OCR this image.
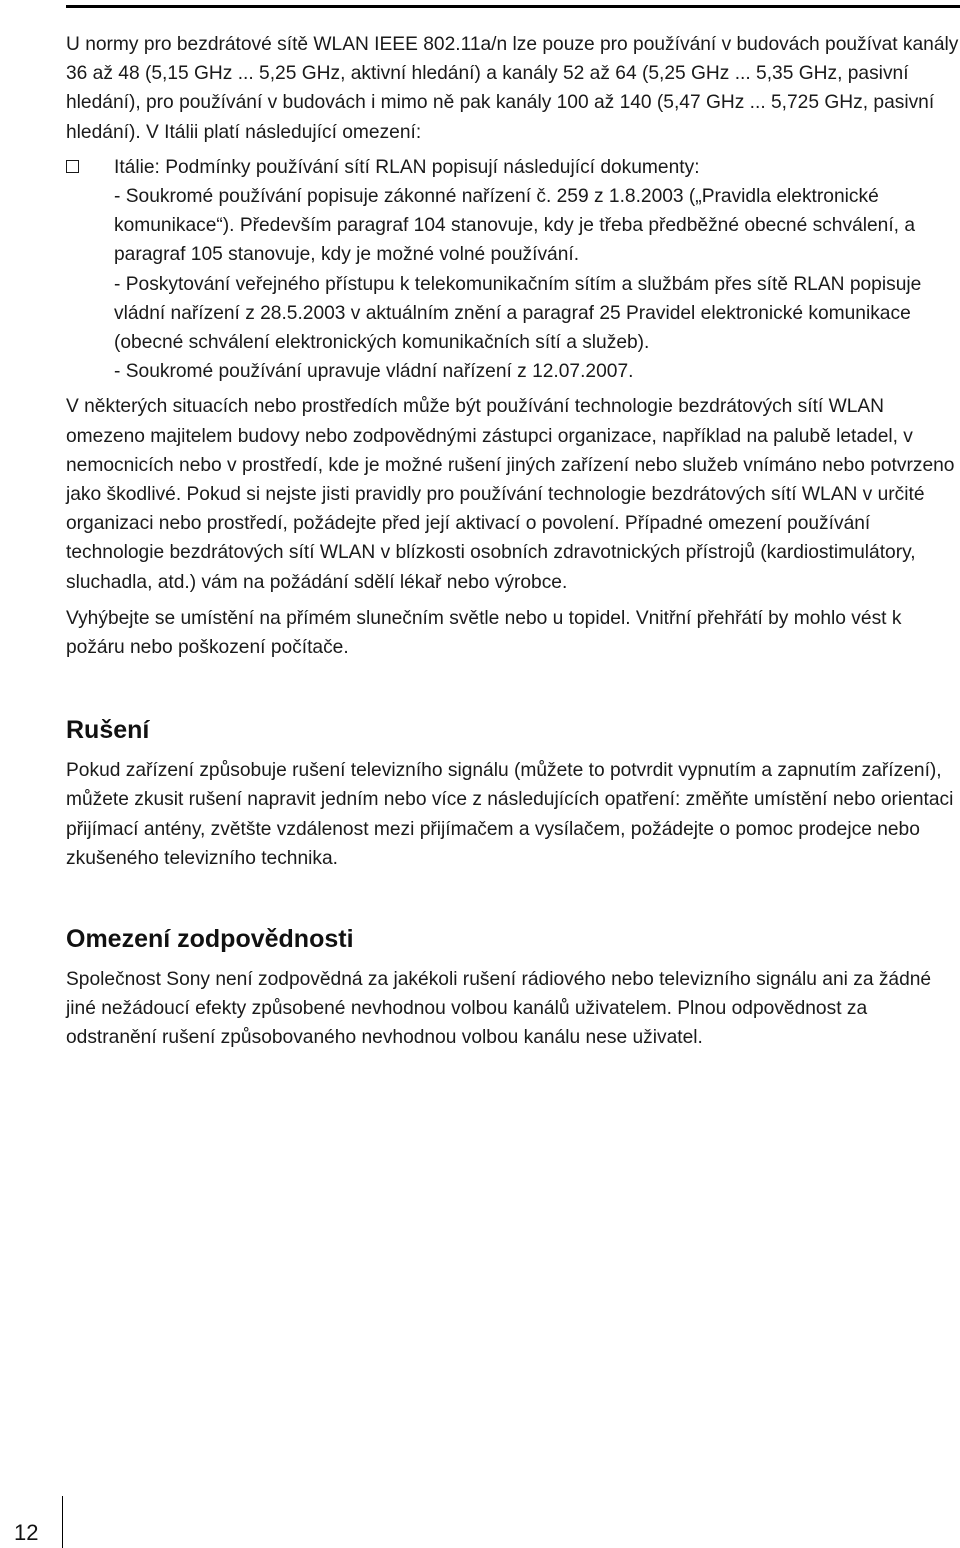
U normy pro bezdrátové sítě WLAN IEEE 802.11a/n lze pouze pro používání v budovách používat kanály 36 až 48 (5,15 GHz ... 5,25 GHz, aktivní hledání) a kanály 52 až 64 (5,25 GHz ... 5,35 GHz, pasivní hledání), pro používání v budovách i mimo ně pak kanály 100 až 140 (5,47 GHz ... 5,725 GHz, pasivní hledání). V Itálii platí následující omezení:

Itálie: Podmínky používání sítí RLAN popisují následující dokumenty:

- Soukromé používání popisuje zákonné nařízení č. 259 z 1.8.2003 („Pravidla elektronické komunikace“). Především paragraf 104 stanovuje, kdy je třeba předběžné obecné schválení, a paragraf 105 stanovuje, kdy je možné volné používání.

- Poskytování veřejného přístupu k telekomunikačním sítím a službám přes sítě RLAN popisuje vládní nařízení z 28.5.2003 v aktuálním znění a paragraf 25 Pravidel elektronické komunikace (obecné schválení elektronických komunikačních sítí a služeb).

- Soukromé používání upravuje vládní nařízení z 12.07.2007.

V některých situacích nebo prostředích může být používání technologie bezdrátových sítí WLAN omezeno majitelem budovy nebo zodpovědnými zástupci organizace, například na palubě letadel, v nemocnicích nebo v prostředí, kde je možné rušení jiných zařízení nebo služeb vnímáno nebo potvrzeno jako škodlivé. Pokud si nejste jisti pravidly pro používání technologie bezdrátových sítí WLAN v určité organizaci nebo prostředí, požádejte před její aktivací o povolení. Případné omezení používání technologie bezdrátových sítí WLAN v blízkosti osobních zdravotnických přístrojů (kardiostimulátory, sluchadla, atd.) vám na požádání sdělí lékař nebo výrobce.

Vyhýbejte se umístění na přímém slunečním světle nebo u topidel. Vnitřní přehřátí by mohlo vést k požáru nebo poškození počítače.

Rušení

Pokud zařízení způsobuje rušení televizního signálu (můžete to potvrdit vypnutím a zapnutím zařízení), můžete zkusit rušení napravit jedním nebo více z následujících opatření: změňte umístění nebo orientaci přijímací antény, zvětšte vzdálenost mezi přijímačem a vysílačem, požádejte o pomoc prodejce nebo zkušeného televizního technika.

Omezení zodpovědnosti

Společnost Sony není zodpovědná za jakékoli rušení rádiového nebo televizního signálu ani za žádné jiné nežádoucí efekty způsobené nevhodnou volbou kanálů uživatelem. Plnou odpovědnost za odstranění rušení způsobovaného nevhodnou volbou kanálu nese uživatel.

12
